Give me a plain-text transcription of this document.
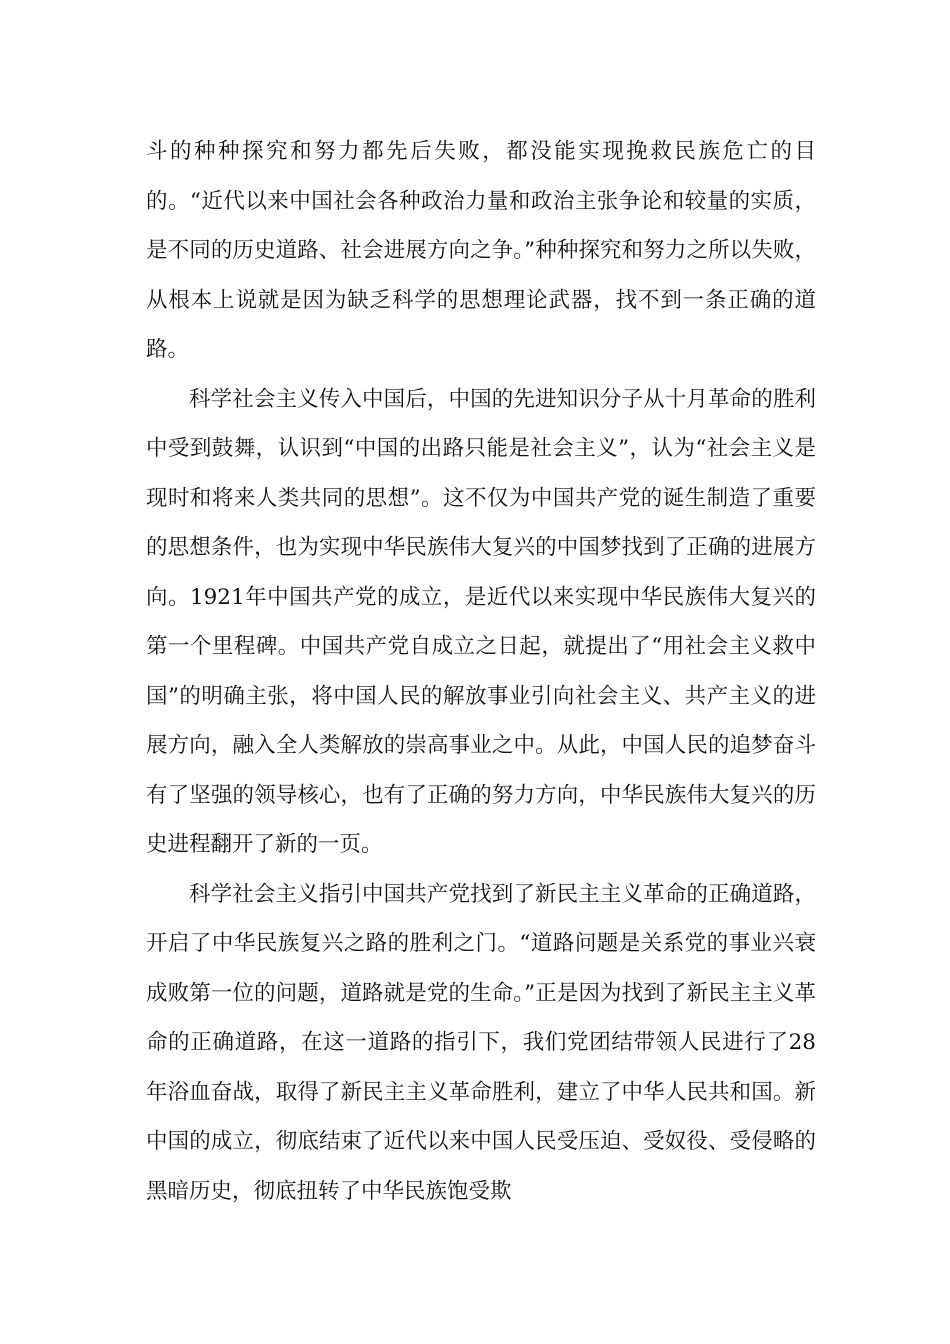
斗的种种探究和努力都先后失败，都没能实现挽救民族危亡的目的。“近代以来中国社会各种政治力量和政治主张争论和较量的实质，是不同的历史道路、社会进展方向之争。”种种探究和努力之所以失败，从根本上说就是因为缺乏科学的思想理论武器，找不到一条正确的道路。

科学社会主义传入中国后，中国的先进知识分子从十月革命的胜利中受到鼓舞，认识到“中国的出路只能是社会主义”，认为“社会主义是现时和将来人类共同的思想”。这不仅为中国共产党的诞生制造了重要的思想条件，也为实现中华民族伟大复兴的中国梦找到了正确的进展方向。1921年中国共产党的成立，是近代以来实现中华民族伟大复兴的第一个里程碑。中国共产党自成立之日起，就提出了“用社会主义救中国”的明确主张，将中国人民的解放事业引向社会主义、共产主义的进展方向，融入全人类解放的崇高事业之中。从此，中国人民的追梦奋斗有了坚强的领导核心，也有了正确的努力方向，中华民族伟大复兴的历史进程翻开了新的一页。

科学社会主义指引中国共产党找到了新民主主义革命的正确道路，开启了中华民族复兴之路的胜利之门。“道路问题是关系党的事业兴衰成败第一位的问题，道路就是党的生命。”正是因为找到了新民主主义革命的正确道路，在这一道路的指引下，我们党团结带领人民进行了28年浴血奋战，取得了新民主主义革命胜利，建立了中华人民共和国。新中国的成立，彻底结束了近代以来中国人民受压迫、受奴役、受侵略的黑暗历史，彻底扭转了中华民族饱受欺
